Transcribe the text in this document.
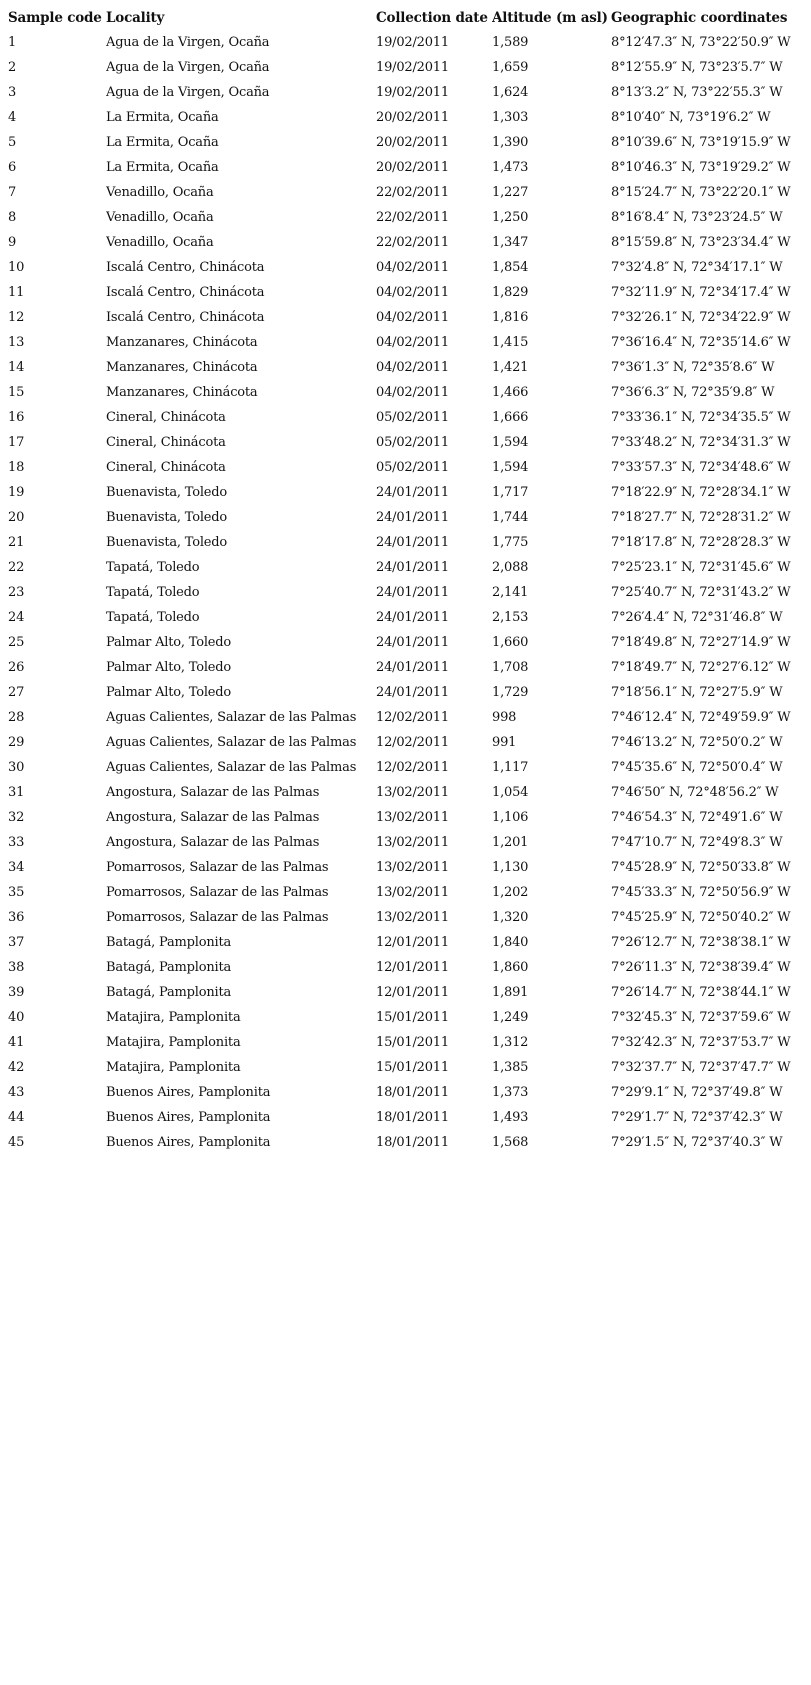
Sample code	Locality	Collection date	Altitude (m asl)	Geographic coordinates
1	Agua de la Virgen, Ocaña	19/02/2011	1,589	8°12′47.3″ N, 73°22′50.9″ W
2	Agua de la Virgen, Ocaña	19/02/2011	1,659	8°12′55.9″ N, 73°23′5.7″ W
3	Agua de la Virgen, Ocaña	19/02/2011	1,624	8°13′3.2″ N, 73°22′55.3″ W
4	La Ermita, Ocaña	20/02/2011	1,303	8°10′40″ N, 73°19′6.2″ W
5	La Ermita, Ocaña	20/02/2011	1,390	8°10′39.6″ N, 73°19′15.9″ W
6	La Ermita, Ocaña	20/02/2011	1,473	8°10′46.3″ N, 73°19′29.2″ W
7	Venadillo, Ocaña	22/02/2011	1,227	8°15′24.7″ N, 73°22′20.1″ W
8	Venadillo, Ocaña	22/02/2011	1,250	8°16′8.4″ N, 73°23′24.5″ W
9	Venadillo, Ocaña	22/02/2011	1,347	8°15′59.8″ N, 73°23′34.4″ W
10	Iscalá Centro, Chinácota	04/02/2011	1,854	7°32′4.8″ N, 72°34′17.1″ W
11	Iscalá Centro, Chinácota	04/02/2011	1,829	7°32′11.9″ N, 72°34′17.4″ W
12	Iscalá Centro, Chinácota	04/02/2011	1,816	7°32′26.1″ N, 72°34′22.9″ W
13	Manzanares, Chinácota	04/02/2011	1,415	7°36′16.4″ N, 72°35′14.6″ W
14	Manzanares, Chinácota	04/02/2011	1,421	7°36′1.3″ N, 72°35′8.6″ W
15	Manzanares, Chinácota	04/02/2011	1,466	7°36′6.3″ N, 72°35′9.8″ W
16	Cineral, Chinácota	05/02/2011	1,666	7°33′36.1″ N, 72°34′35.5″ W
17	Cineral, Chinácota	05/02/2011	1,594	7°33′48.2″ N, 72°34′31.3″ W
18	Cineral, Chinácota	05/02/2011	1,594	7°33′57.3″ N, 72°34′48.6″ W
19	Buenavista, Toledo	24/01/2011	1,717	7°18′22.9″ N, 72°28′34.1″ W
20	Buenavista, Toledo	24/01/2011	1,744	7°18′27.7″ N, 72°28′31.2″ W
21	Buenavista, Toledo	24/01/2011	1,775	7°18′17.8″ N, 72°28′28.3″ W
22	Tapatá, Toledo	24/01/2011	2,088	7°25′23.1″ N, 72°31′45.6″ W
23	Tapatá, Toledo	24/01/2011	2,141	7°25′40.7″ N, 72°31′43.2″ W
24	Tapatá, Toledo	24/01/2011	2,153	7°26′4.4″ N, 72°31′46.8″ W
25	Palmar Alto, Toledo	24/01/2011	1,660	7°18′49.8″ N, 72°27′14.9″ W
26	Palmar Alto, Toledo	24/01/2011	1,708	7°18′49.7″ N, 72°27′6.12″ W
27	Palmar Alto, Toledo	24/01/2011	1,729	7°18′56.1″ N, 72°27′5.9″ W
28	Aguas Calientes, Salazar de las Palmas	12/02/2011	998	7°46′12.4″ N, 72°49′59.9″ W
29	Aguas Calientes, Salazar de las Palmas	12/02/2011	991	7°46′13.2″ N, 72°50′0.2″ W
30	Aguas Calientes, Salazar de las Palmas	12/02/2011	1,117	7°45′35.6″ N, 72°50′0.4″ W
31	Angostura, Salazar de las Palmas	13/02/2011	1,054	7°46′50″ N, 72°48′56.2″ W
32	Angostura, Salazar de las Palmas	13/02/2011	1,106	7°46′54.3″ N, 72°49′1.6″ W
33	Angostura, Salazar de las Palmas	13/02/2011	1,201	7°47′10.7″ N, 72°49′8.3″ W
34	Pomarrosos, Salazar de las Palmas	13/02/2011	1,130	7°45′28.9″ N, 72°50′33.8″ W
35	Pomarrosos, Salazar de las Palmas	13/02/2011	1,202	7°45′33.3″ N, 72°50′56.9″ W
36	Pomarrosos, Salazar de las Palmas	13/02/2011	1,320	7°45′25.9″ N, 72°50′40.2″ W
37	Batagá, Pamplonita	12/01/2011	1,840	7°26′12.7″ N, 72°38′38.1″ W
38	Batagá, Pamplonita	12/01/2011	1,860	7°26′11.3″ N, 72°38′39.4″ W
39	Batagá, Pamplonita	12/01/2011	1,891	7°26′14.7″ N, 72°38′44.1″ W
40	Matajira, Pamplonita	15/01/2011	1,249	7°32′45.3″ N, 72°37′59.6″ W
41	Matajira, Pamplonita	15/01/2011	1,312	7°32′42.3″ N, 72°37′53.7″ W
42	Matajira, Pamplonita	15/01/2011	1,385	7°32′37.7″ N, 72°37′47.7″ W
43	Buenos Aires, Pamplonita	18/01/2011	1,373	7°29′9.1″ N, 72°37′49.8″ W
44	Buenos Aires, Pamplonita	18/01/2011	1,493	7°29′1.7″ N, 72°37′42.3″ W
45	Buenos Aires, Pamplonita	18/01/2011	1,568	7°29′1.5″ N, 72°37′40.3″ W
